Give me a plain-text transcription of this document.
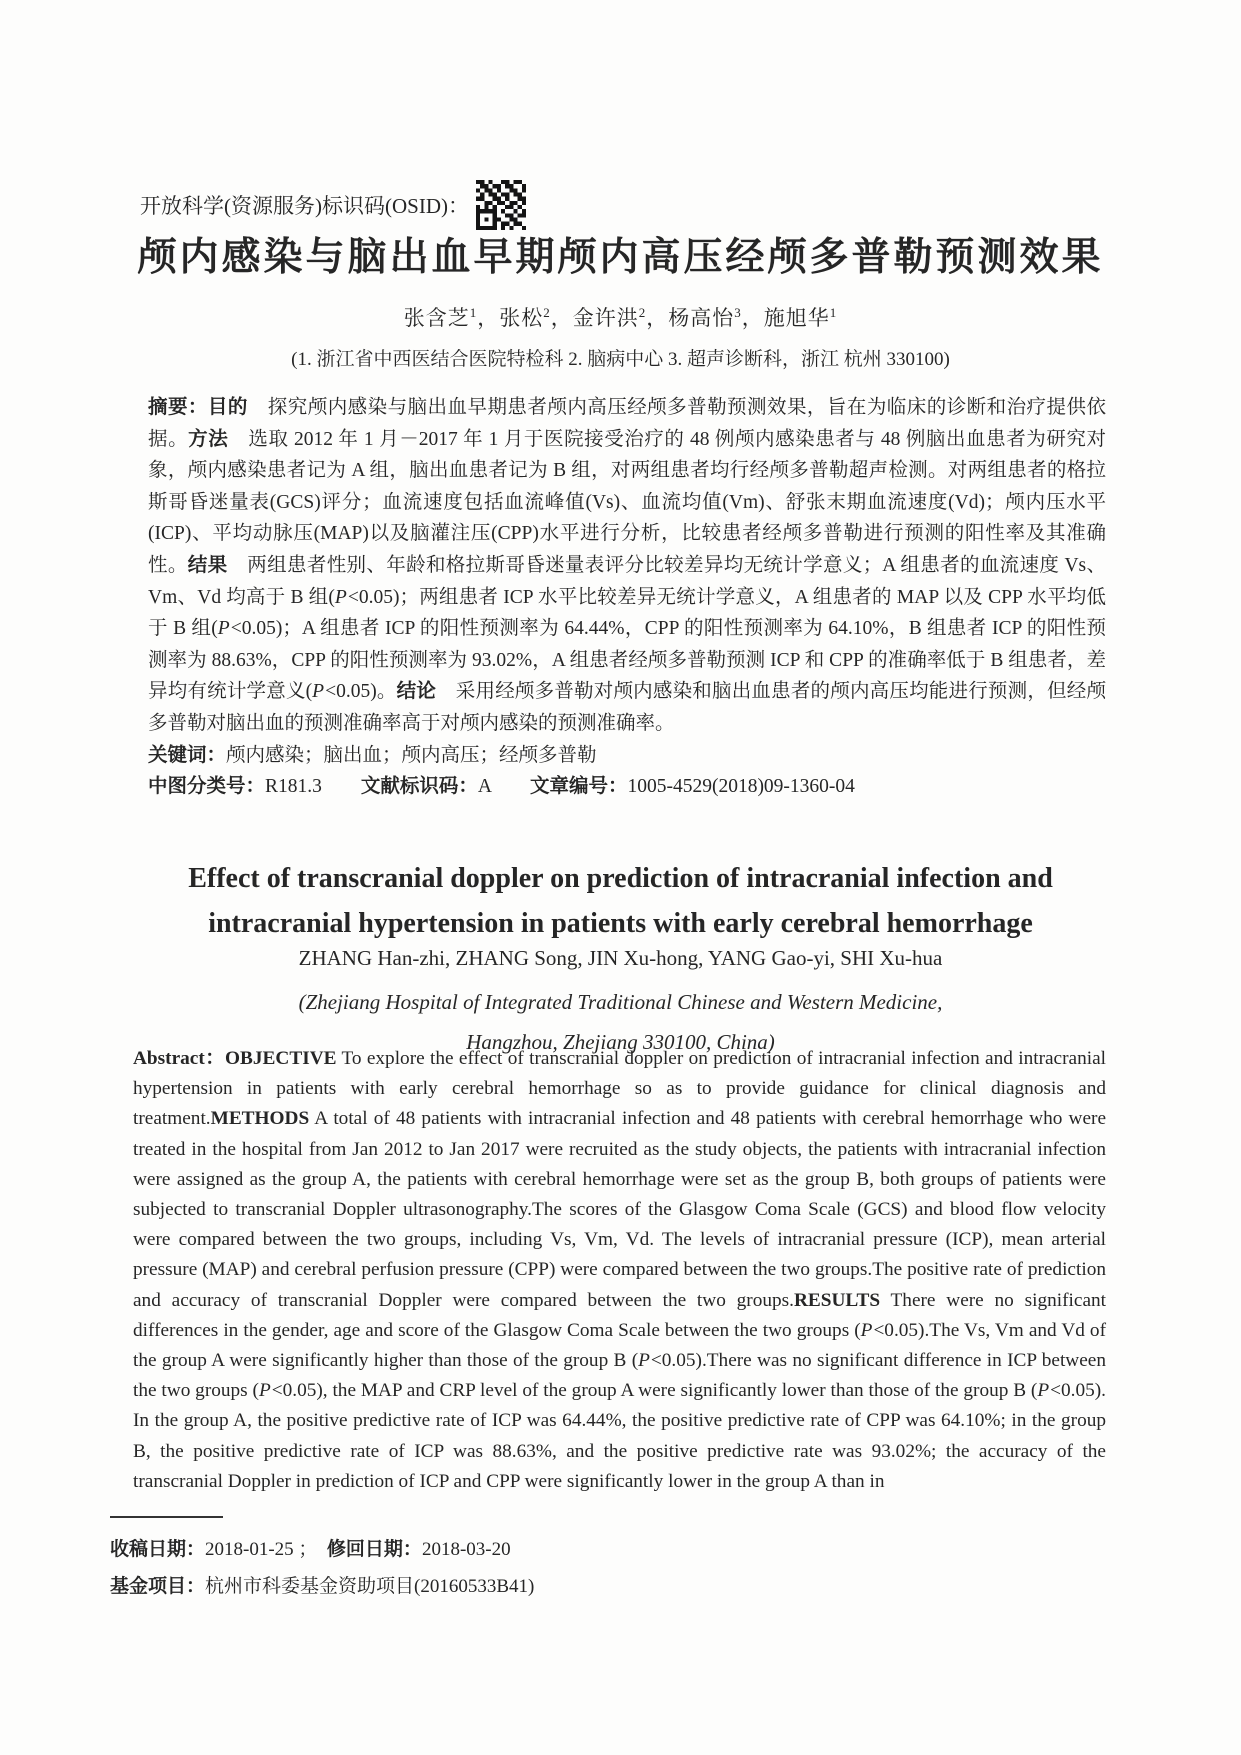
开放科学(资源服务)标识码(OSID)：
颅内感染与脑出血早期颅内高压经颅多普勒预测效果
张含芝$^1$，张松$^2$，金许洪$^2$，杨高怡$^3$，施旭华$^1$
(1. 浙江省中西医结合医院特检科 2. 脑病中心 3. 超声诊断科，浙江 杭州 330100)

摘要：目的　探究颅内感染与脑出血早期患者颅内高压经颅多普勒预测效果，旨在为临床的诊断和治疗提供依据。方法　选取 2012 年 1 月－2017 年 1 月于医院接受治疗的 48 例颅内感染患者与 48 例脑出血患者为研究对象，颅内感染患者记为 A 组，脑出血患者记为 B 组，对两组患者均行经颅多普勒超声检测。对两组患者的格拉斯哥昏迷量表(GCS)评分；血流速度包括血流峰值(Vs)、血流均值(Vm)、舒张末期血流速度(Vd)；颅内压水平(ICP)、平均动脉压(MAP)以及脑灌注压(CPP)水平进行分析，比较患者经颅多普勒进行预测的阳性率及其准确性。结果　两组患者性别、年龄和格拉斯哥昏迷量表评分比较差异均无统计学意义；A 组患者的血流速度 Vs、Vm、Vd 均高于 B 组(P<0.05)；两组患者 ICP 水平比较差异无统计学意义，A 组患者的 MAP 以及 CPP 水平均低于 B 组(P<0.05)；A 组患者 ICP 的阳性预测率为 64.44%，CPP 的阳性预测率为 64.10%，B 组患者 ICP 的阳性预测率为 88.63%，CPP 的阳性预测率为 93.02%，A 组患者经颅多普勒预测 ICP 和 CPP 的准确率低于 B 组患者，差异均有统计学意义(P<0.05)。结论　采用经颅多普勒对颅内感染和脑出血患者的颅内高压均能进行预测，但经颅多普勒对脑出血的预测准确率高于对颅内感染的预测准确率。

关键词：颅内感染；脑出血；颅内高压；经颅多普勒

中图分类号：R181.3　　文献标识码：A　　文章编号：1005-4529(2018)09-1360-04

Effect of transcranial doppler on prediction of intracranial infection and
intracranial hypertension in patients with early cerebral hemorrhage
ZHANG Han-zhi, ZHANG Song, JIN Xu-hong, YANG Gao-yi, SHI Xu-hua
(Zhejiang Hospital of Integrated Traditional Chinese and Western Medicine,
Hangzhou, Zhejiang 330100, China)

Abstract：OBJECTIVE To explore the effect of transcranial doppler on prediction of intracranial infection and intracranial hypertension in patients with early cerebral hemorrhage so as to provide guidance for clinical diagnosis and treatment.METHODS A total of 48 patients with intracranial infection and 48 patients with cerebral hemorrhage who were treated in the hospital from Jan 2012 to Jan 2017 were recruited as the study objects, the patients with intracranial infection were assigned as the group A, the patients with cerebral hemorrhage were set as the group B, both groups of patients were subjected to transcranial Doppler ultrasonography.The scores of the Glasgow Coma Scale (GCS) and blood flow velocity were compared between the two groups, including Vs, Vm, Vd. The levels of intracranial pressure (ICP), mean arterial pressure (MAP) and cerebral perfusion pressure (CPP) were compared between the two groups.The positive rate of prediction and accuracy of transcranial Doppler were compared between the two groups.RESULTS There were no significant differences in the gender, age and score of the Glasgow Coma Scale between the two groups (P<0.05).The Vs, Vm and Vd of the group A were significantly higher than those of the group B (P<0.05).There was no significant difference in ICP between the two groups (P<0.05), the MAP and CRP level of the group A were significantly lower than those of the group B (P<0.05). In the group A, the positive predictive rate of ICP was 64.44%, the positive predictive rate of CPP was 64.10%; in the group B, the positive predictive rate of ICP was 88.63%, and the positive predictive rate was 93.02%; the accuracy of the transcranial Doppler in prediction of ICP and CPP were significantly lower in the group A than in

收稿日期：2018-01-25 ；　修回日期：2018-03-20
基金项目：杭州市科委基金资助项目(20160533B41)
